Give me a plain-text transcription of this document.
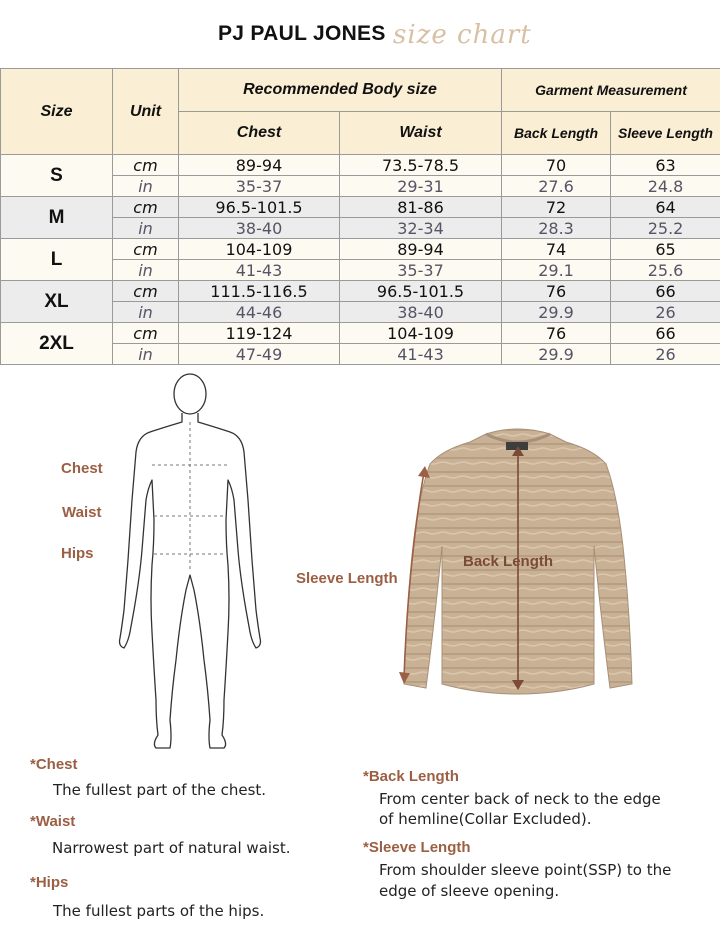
PJ PAUL JONES size chart
Size	Unit	Recommended Body size		Garment Measurement	
		Chest	Waist	Back Length	Sleeve Length
S	cm	89-94	73.5-78.5	70	63
	in	35-37	29-31	27.6	24.8
M	cm	96.5-101.5	81-86	72	64
	in	38-40	32-34	28.3	25.2
L	cm	104-109	89-94	74	65
	in	41-43	35-37	29.1	25.6
XL	cm	111.5-116.5	96.5-101.5	76	66
	in	44-46	38-40	29.9	26
2XL	cm	119-124	104-109	76	66
	in	47-49	41-43	29.9	26
Chest
Waist
Hips
Sleeve Length
Back Length
*Chest
The fullest part of the chest.
*Waist
Narrowest part of natural waist.
*Hips
The fullest parts of the hips.
*Back Length
From center back of neck to the edge
of hemline(Collar Excluded).
*Sleeve Length
From shoulder sleeve point(SSP) to the
edge of sleeve opening.
